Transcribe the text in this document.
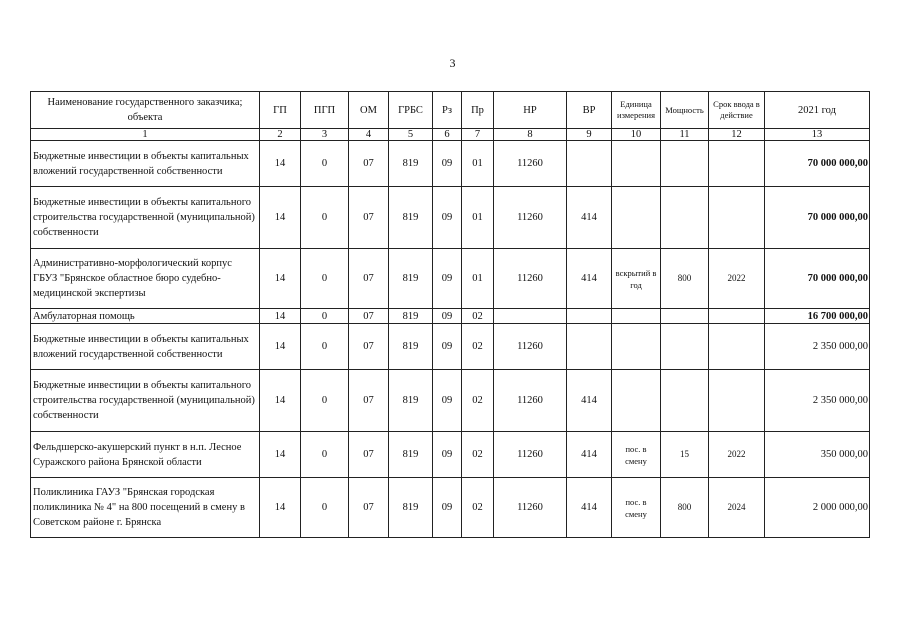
3
Наименование государственного заказчика; объекта	ГП	ПГП	ОМ	ГРБС	Рз	Пр	НР	ВР	Единица измерения	Мощность	Срок ввода в действие	2021 год
1	2	3	4	5	6	7	8	9	10	11	12	13
Бюджетные инвестиции в объекты капитальных вложений государственной собственности	14	0	07	819	09	01	11260					70 000 000,00
Бюджетные инвестиции в объекты капитального строительства государственной (муниципальной) собственности	14	0	07	819	09	01	11260	414				70 000 000,00
Административно-морфологический корпус ГБУЗ "Брянское областное бюро судебно-медицинской экспертизы	14	0	07	819	09	01	11260	414	вскрытий в год	800	2022	70 000 000,00
Амбулаторная помощь	14	0	07	819	09	02						16 700 000,00
Бюджетные инвестиции в объекты капитальных вложений государственной собственности	14	0	07	819	09	02	11260					2 350 000,00
Бюджетные инвестиции в объекты капитального строительства государственной (муниципальной) собственности	14	0	07	819	09	02	11260	414				2 350 000,00
Фельдшерско-акушерский пункт в н.п. Лесное Суражского района Брянской области	14	0	07	819	09	02	11260	414	пос. в смену	15	2022	350 000,00
Поликлиника ГАУЗ "Брянская городская поликлиника № 4" на 800 посещений в смену в Советском районе г. Брянска	14	0	07	819	09	02	11260	414	пос. в смену	800	2024	2 000 000,00
